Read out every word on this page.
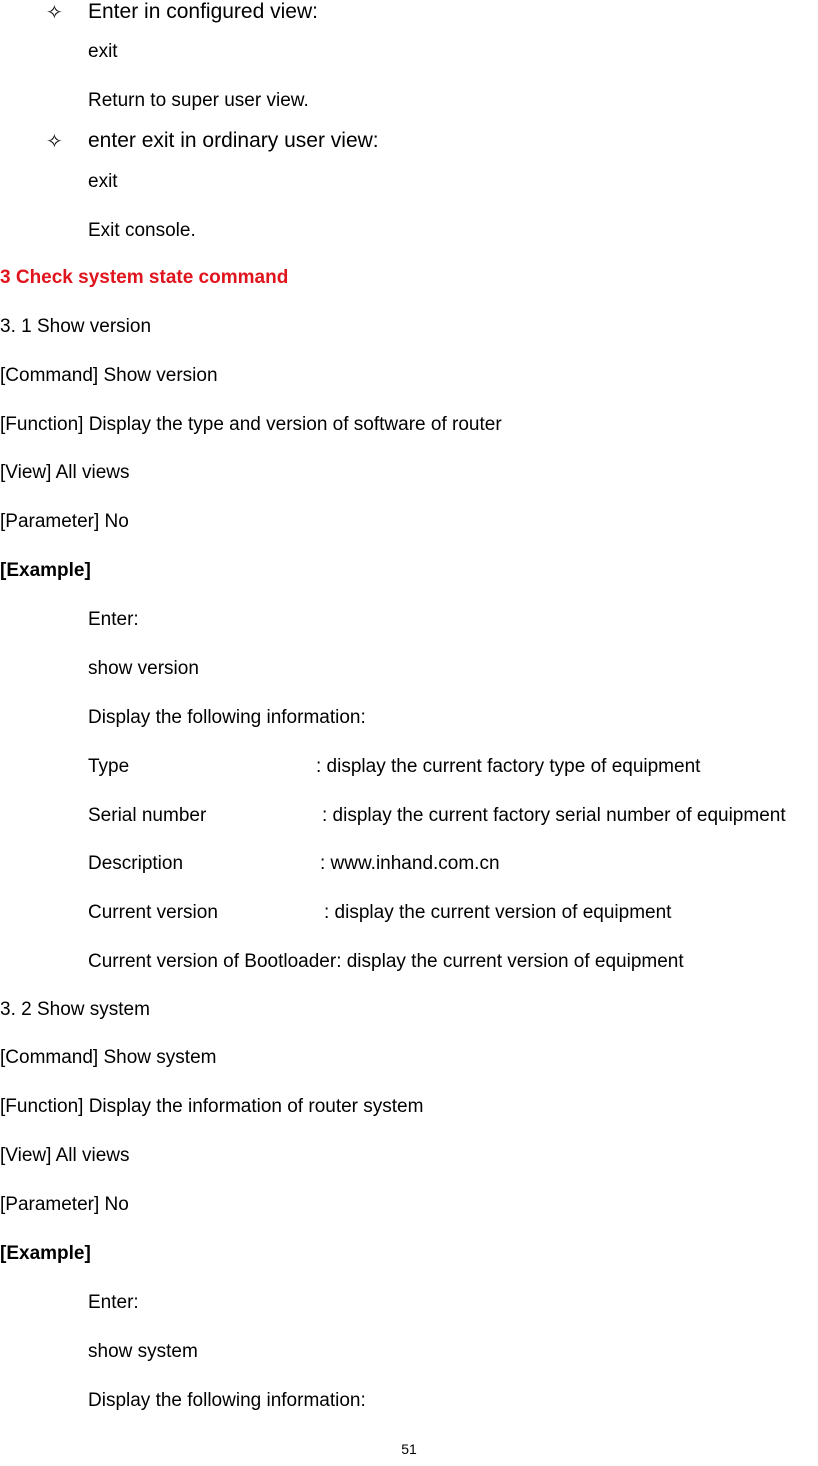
✧ Enter in configured view:
exit
Return to super user view.
✧ enter exit in ordinary user view:
exit
Exit console.
3 Check system state command
3. 1 Show version
[Command] Show version
[Function] Display the type and version of software of router
[View] All views
[Parameter] No
[Example]
Enter:
show version
Display the following information:
Type	: display the current factory type of equipment
Serial number	: display the current factory serial number of equipment
Description	: www.inhand.com.cn
Current version	: display the current version of equipment
Current version of Bootloader: display the current version of equipment
3. 2 Show system
[Command] Show system
[Function] Display the information of router system
[View] All views
[Parameter] No
[Example]
Enter:
show system
Display the following information:
51
